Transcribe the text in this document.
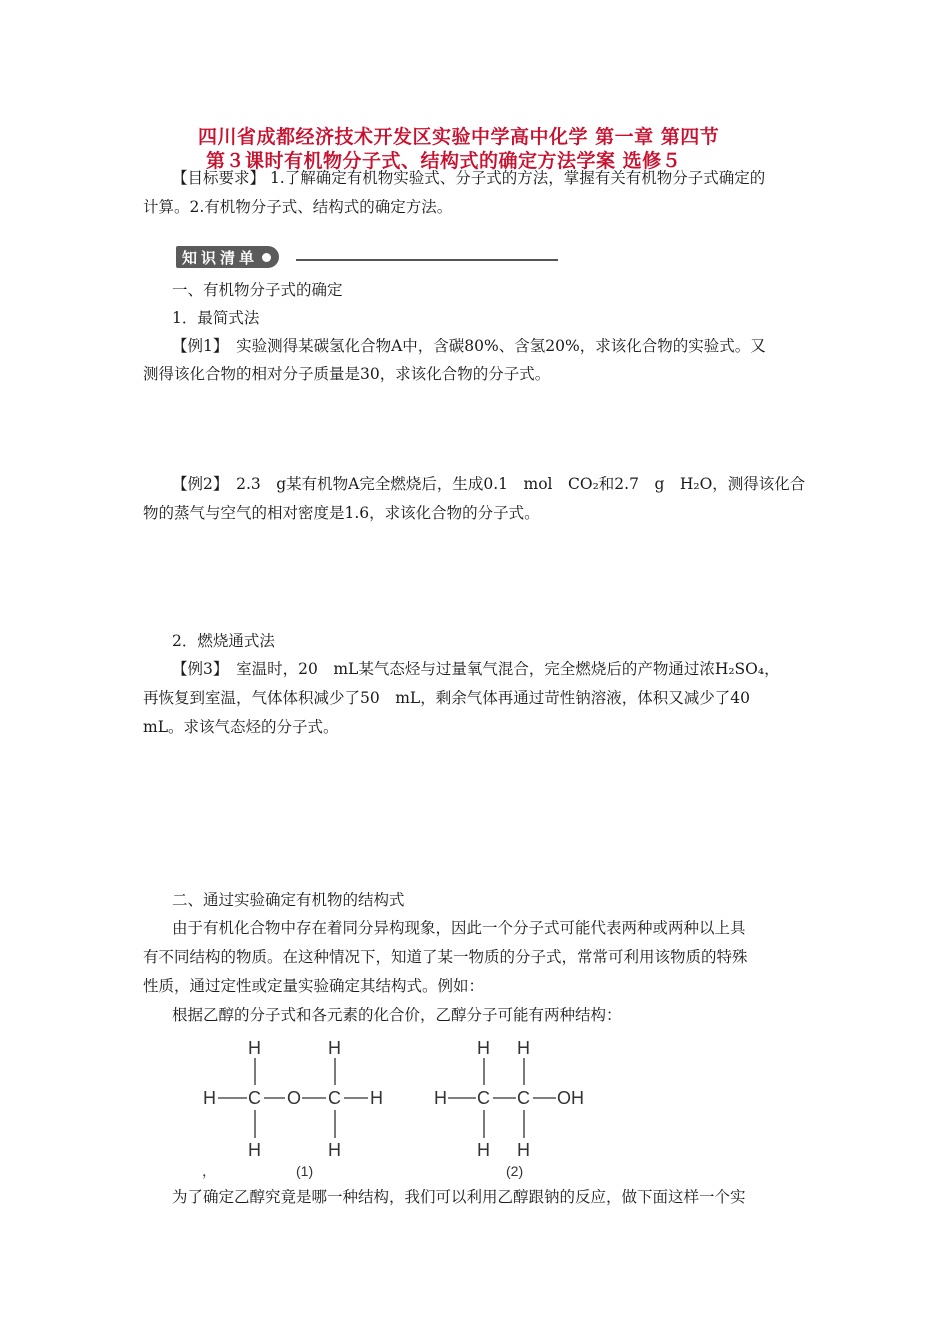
四川省成都经济技术开发区实验中学高中化学 第一章 第四节
第３课时有机物分子式、结构式的确定方法学案 选修５
【目标要求】 1.了解确定有机物实验式、分子式的方法，掌握有关有机物分子式确定的
计算。2.有机物分子式、结构式的确定方法。
知识清单
一、有机物分子式的确定
1．最简式法
【例1】　实验测得某碳氢化合物A中，含碳80%、含氢20%，求该化合物的实验式。又
测得该化合物的相对分子质量是30，求该化合物的分子式。
【例2】　2.3　g某有机物A完全燃烧后，生成0.1　mol　CO₂和2.7　g　H₂O，测得该化合
物的蒸气与空气的相对密度是1.6，求该化合物的分子式。
2．燃烧通式法
【例3】　室温时，20　mL某气态烃与过量氧气混合，完全燃烧后的产物通过浓H₂SO₄，
再恢复到室温，气体体积减少了50　mL，剩余气体再通过苛性钠溶液，体积又减少了40
mL。求该气态烃的分子式。
二、通过实验确定有机物的结构式
由于有机化合物中存在着同分异构现象，因此一个分子式可能代表两种或两种以上具
有不同结构的物质。在这种情况下，知道了某一物质的分子式，常常可利用该物质的特殊
性质，通过定性或定量实验确定其结构式。例如：
根据乙醇的分子式和各元素的化合价，乙醇分子可能有两种结构：
H	H
H C O C H
H	H
H H
H C C OH
H H
，	(1)	(2)
为了确定乙醇究竟是哪一种结构，我们可以利用乙醇跟钠的反应，做下面这样一个实
